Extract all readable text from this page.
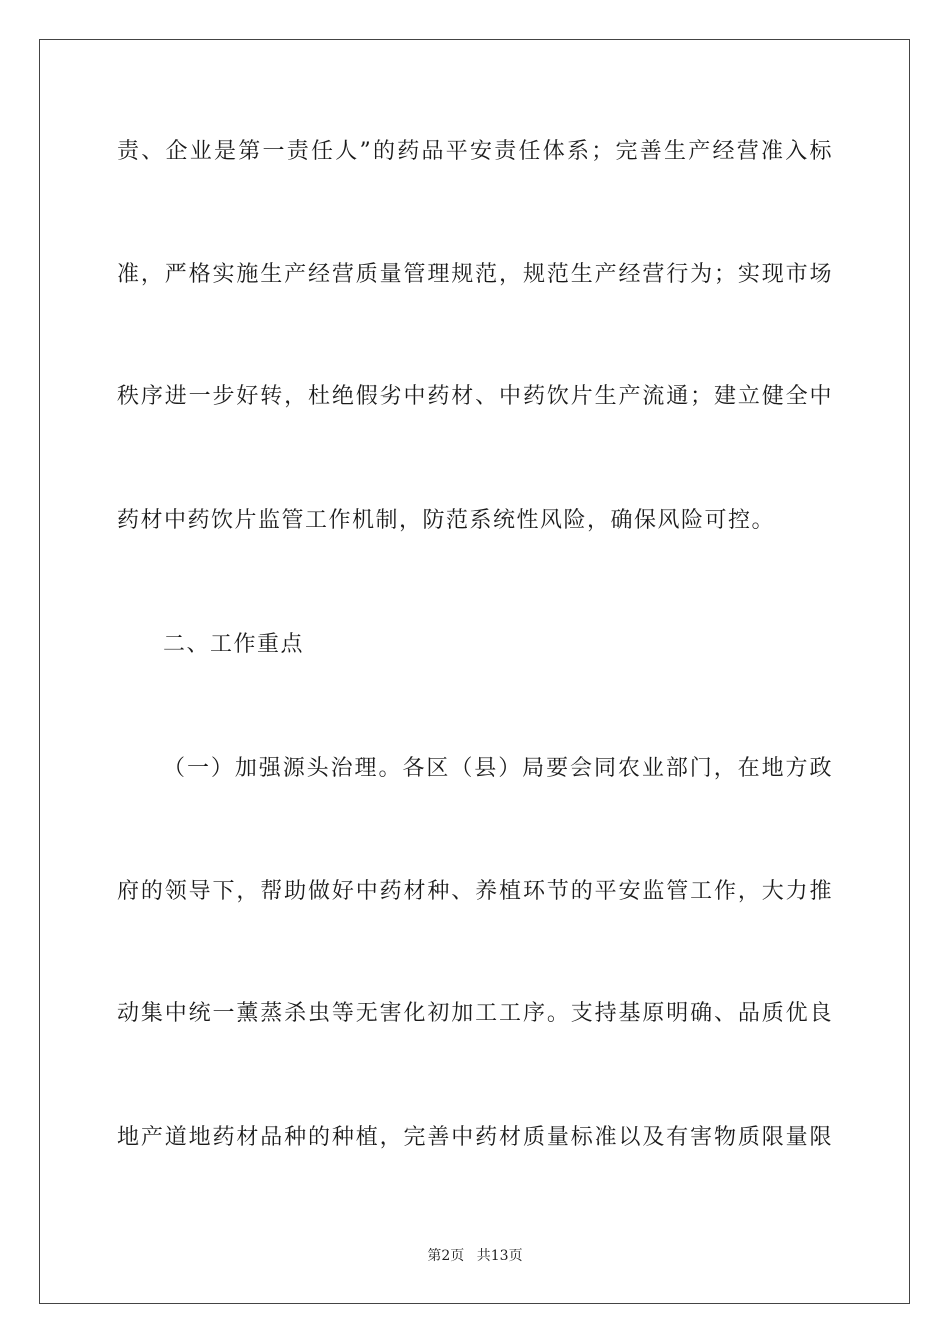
责、企业是第一责任人”的药品平安责任体系；完善生产经营准入标
准，严格实施生产经营质量管理规范，规范生产经营行为；实现市场
秩序进一步好转，杜绝假劣中药材、中药饮片生产流通；建立健全中
药材中药饮片监管工作机制，防范系统性风险，确保风险可控。
二、工作重点
（一）加强源头治理。各区（县）局要会同农业部门，在地方政
府的领导下，帮助做好中药材种、养植环节的平安监管工作，大力推
动集中统一薰蒸杀虫等无害化初加工工序。支持基原明确、品质优良
地产道地药材品种的种植，完善中药材质量标准以及有害物质限量限
第2页 共13页
